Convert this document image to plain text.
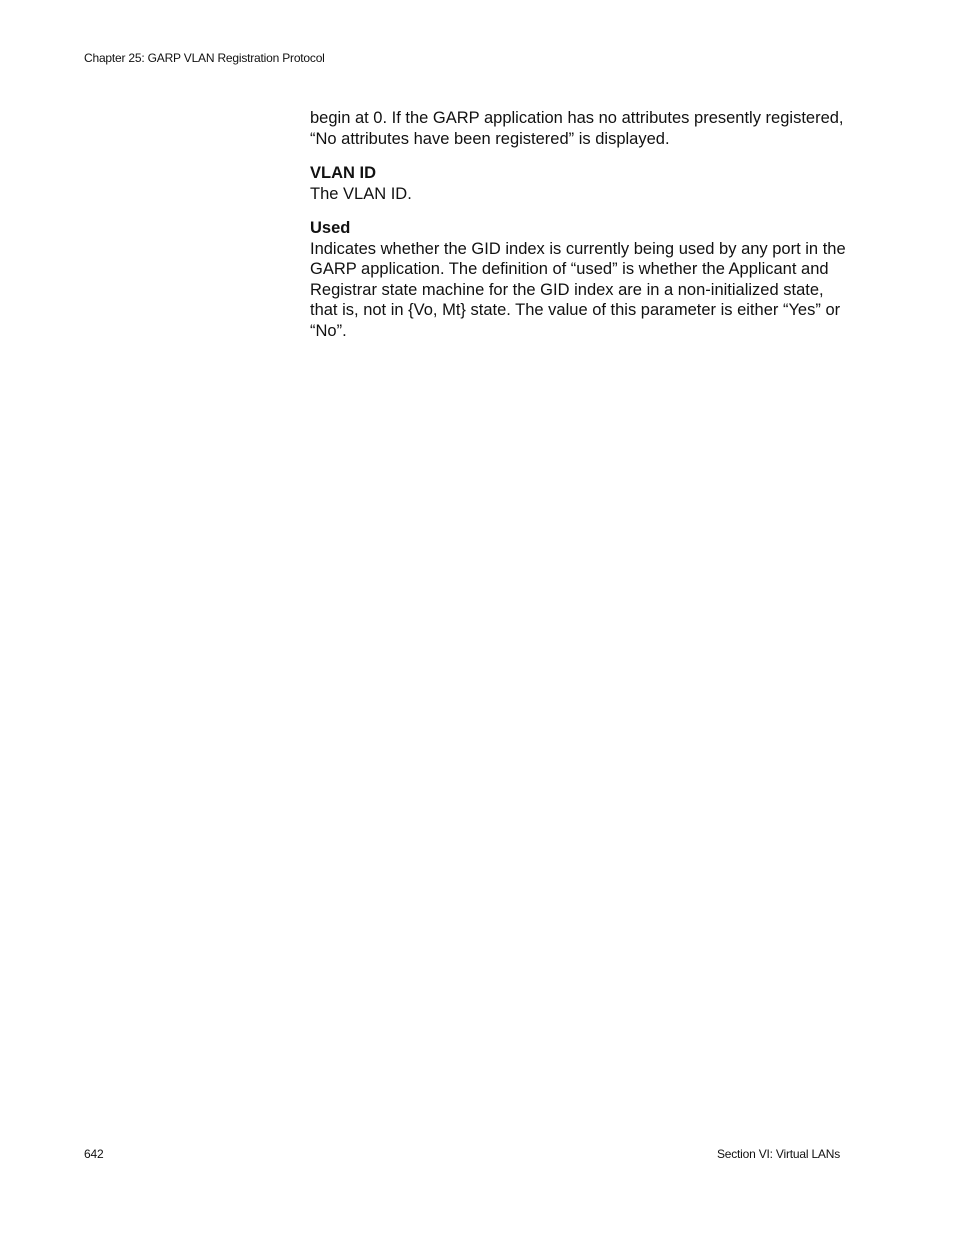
Chapter 25: GARP VLAN Registration Protocol

begin at 0. If the GARP application has no attributes presently registered, “No attributes have been registered” is displayed.

VLAN ID

The VLAN ID.

Used

Indicates whether the GID index is currently being used by any port in the GARP application. The definition of “used” is whether the Applicant and Registrar state machine for the GID index are in a non-initialized state, that is, not in {Vo, Mt} state. The value of this parameter is either “Yes” or “No”.

642	Section VI: Virtual LANs
